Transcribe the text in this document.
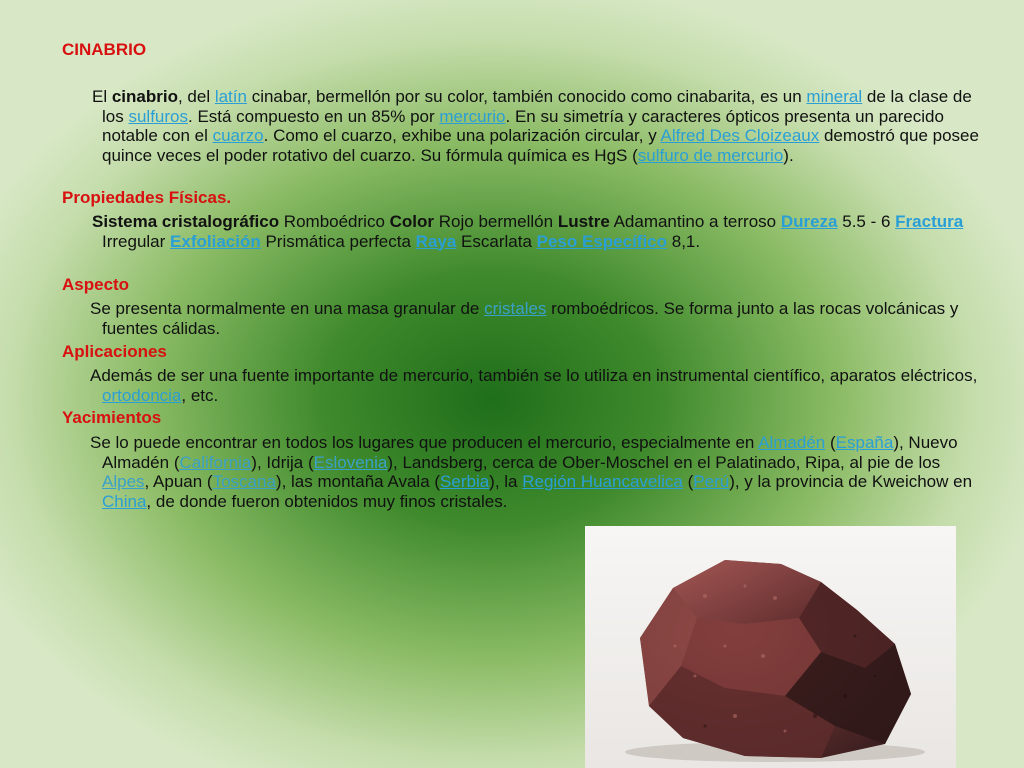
CINABRIO

El cinabrio, del latín cinabar, bermellón por su color, también conocido como cinabarita, es un mineral de la clase de los sulfuros. Está compuesto en un 85% por mercurio. En su simetría y caracteres ópticos presenta un parecido notable con el cuarzo. Como el cuarzo, exhibe una polarización circular, y Alfred Des Cloizeaux demostró que posee quince veces el poder rotativo del cuarzo. Su fórmula química es HgS (sulfuro de mercurio).

Propiedades Físicas.

Sistema cristalográfico Romboédrico Color Rojo bermellón Lustre Adamantino a terroso Dureza 5.5 - 6 Fractura Irregular Exfoliación Prismática perfecta Raya Escarlata Peso Específico 8,1.

Aspecto

Se presenta normalmente en una masa granular de cristales romboédricos. Se forma junto a las rocas volcánicas y fuentes cálidas.

Aplicaciones

Además de ser una fuente importante de mercurio, también se lo utiliza en instrumental científico, aparatos eléctricos, ortodoncia, etc.

Yacimientos

Se lo puede encontrar en todos los lugares que producen el mercurio, especialmente en Almadén (España), Nuevo Almadén (California), Idrija (Eslovenia), Landsberg, cerca de Ober-Moschel en el Palatinado, Ripa, al pie de los Alpes, Apuan (Toscana), las montaña Avala (Serbia), la Región Huancavelica (Perú), y la provincia de Kweichow en China, de donde fueron obtenidos muy finos cristales.
